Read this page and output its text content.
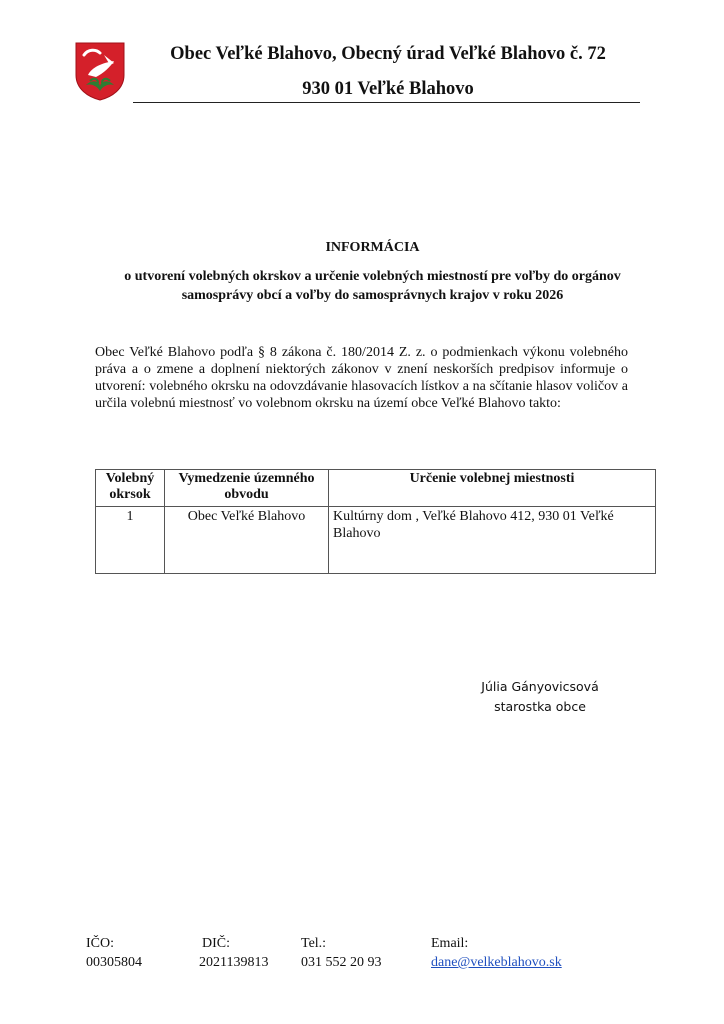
Obec Veľké Blahovo, Obecný úrad Veľké Blahovo č. 72
930 01 Veľké Blahovo
INFORMÁCIA
o utvorení volebných okrskov a určenie volebných miestností pre voľby do orgánov
samosprávy obcí a voľby do samosprávnych krajov v roku 2026
Obec Veľké Blahovo podľa § 8 zákona č. 180/2014 Z. z. o podmienkach výkonu volebného práva a o zmene a doplnení niektorých zákonov v znení neskorších predpisov informuje o utvorení: volebného okrsku na odovzdávanie hlasovacích lístkov a na sčítanie hlasov voličov a určila volebnú miestnosť vo volebnom okrsku na území obce Veľké Blahovo takto:
Volebný okrsok	Vymedzenie územného obvodu	Určenie volebnej miestnosti
1	Obec Veľké Blahovo	Kultúrny dom , Veľké Blahovo 412, 930 01 Veľké Blahovo
Júlia Gányovicsová
starostka obce
IČO:
00305804
DIČ:
2021139813
Tel.:
031 552 20 93
Email:
dane@velkeblahovo.sk
